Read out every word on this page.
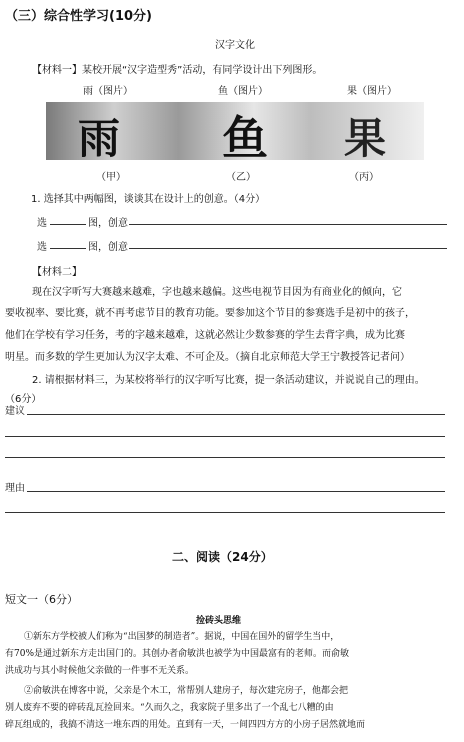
（三）综合性学习(10分)
汉字文化
【材料一】某校开展“汉字造型秀”活动，有同学设计出下列图形。
雨（图片）	鱼（图片）	果（图片）
雨 鱼 果
（甲）	（乙）	（丙）
1. 选择其中两幅图，谈谈其在设计上的创意。（4分）
选	图，创意
选	图，创意
【材料二】
现在汉字听写大赛越来越难，字也越来越偏。这些电视节目因为有商业化的倾向，它
要收视率、要比赛，就不再考虑节目的教育功能。要参加这个节目的参赛选手是初中的孩子，
他们在学校有学习任务，考的字越来越难，这就必然让少数参赛的学生去背字典，成为比赛
明星。而多数的学生更加认为汉字太难、不可企及。（摘自北京师范大学王宁教授答记者问）
2. 请根据材料三，为某校将举行的汉字听写比赛，提一条活动建议，并说说自己的理由。
（6分）
建议
理由
二、阅读（24分）
短文一（6分）
捡砖头思维
①新东方学校被人们称为“出国梦的制造者”。据说，中国在国外的留学生当中，
有70%是通过新东方走出国门的。其创办者俞敏洪也被学为中国最富有的老师。而俞敏
洪成功与其小时候他父亲做的一件事不无关系。
②俞敏洪在博客中说，父亲是个木工，常帮别人建房子，每次建完房子，他都会把
别人废弃不要的碎砖乱瓦捡回来。“久而久之，我家院子里多出了一个乱七八糟的由
碎瓦组成的，我搞不清这一堆东西的用处。直到有一天，一间四四方方的小房子居然就地而
